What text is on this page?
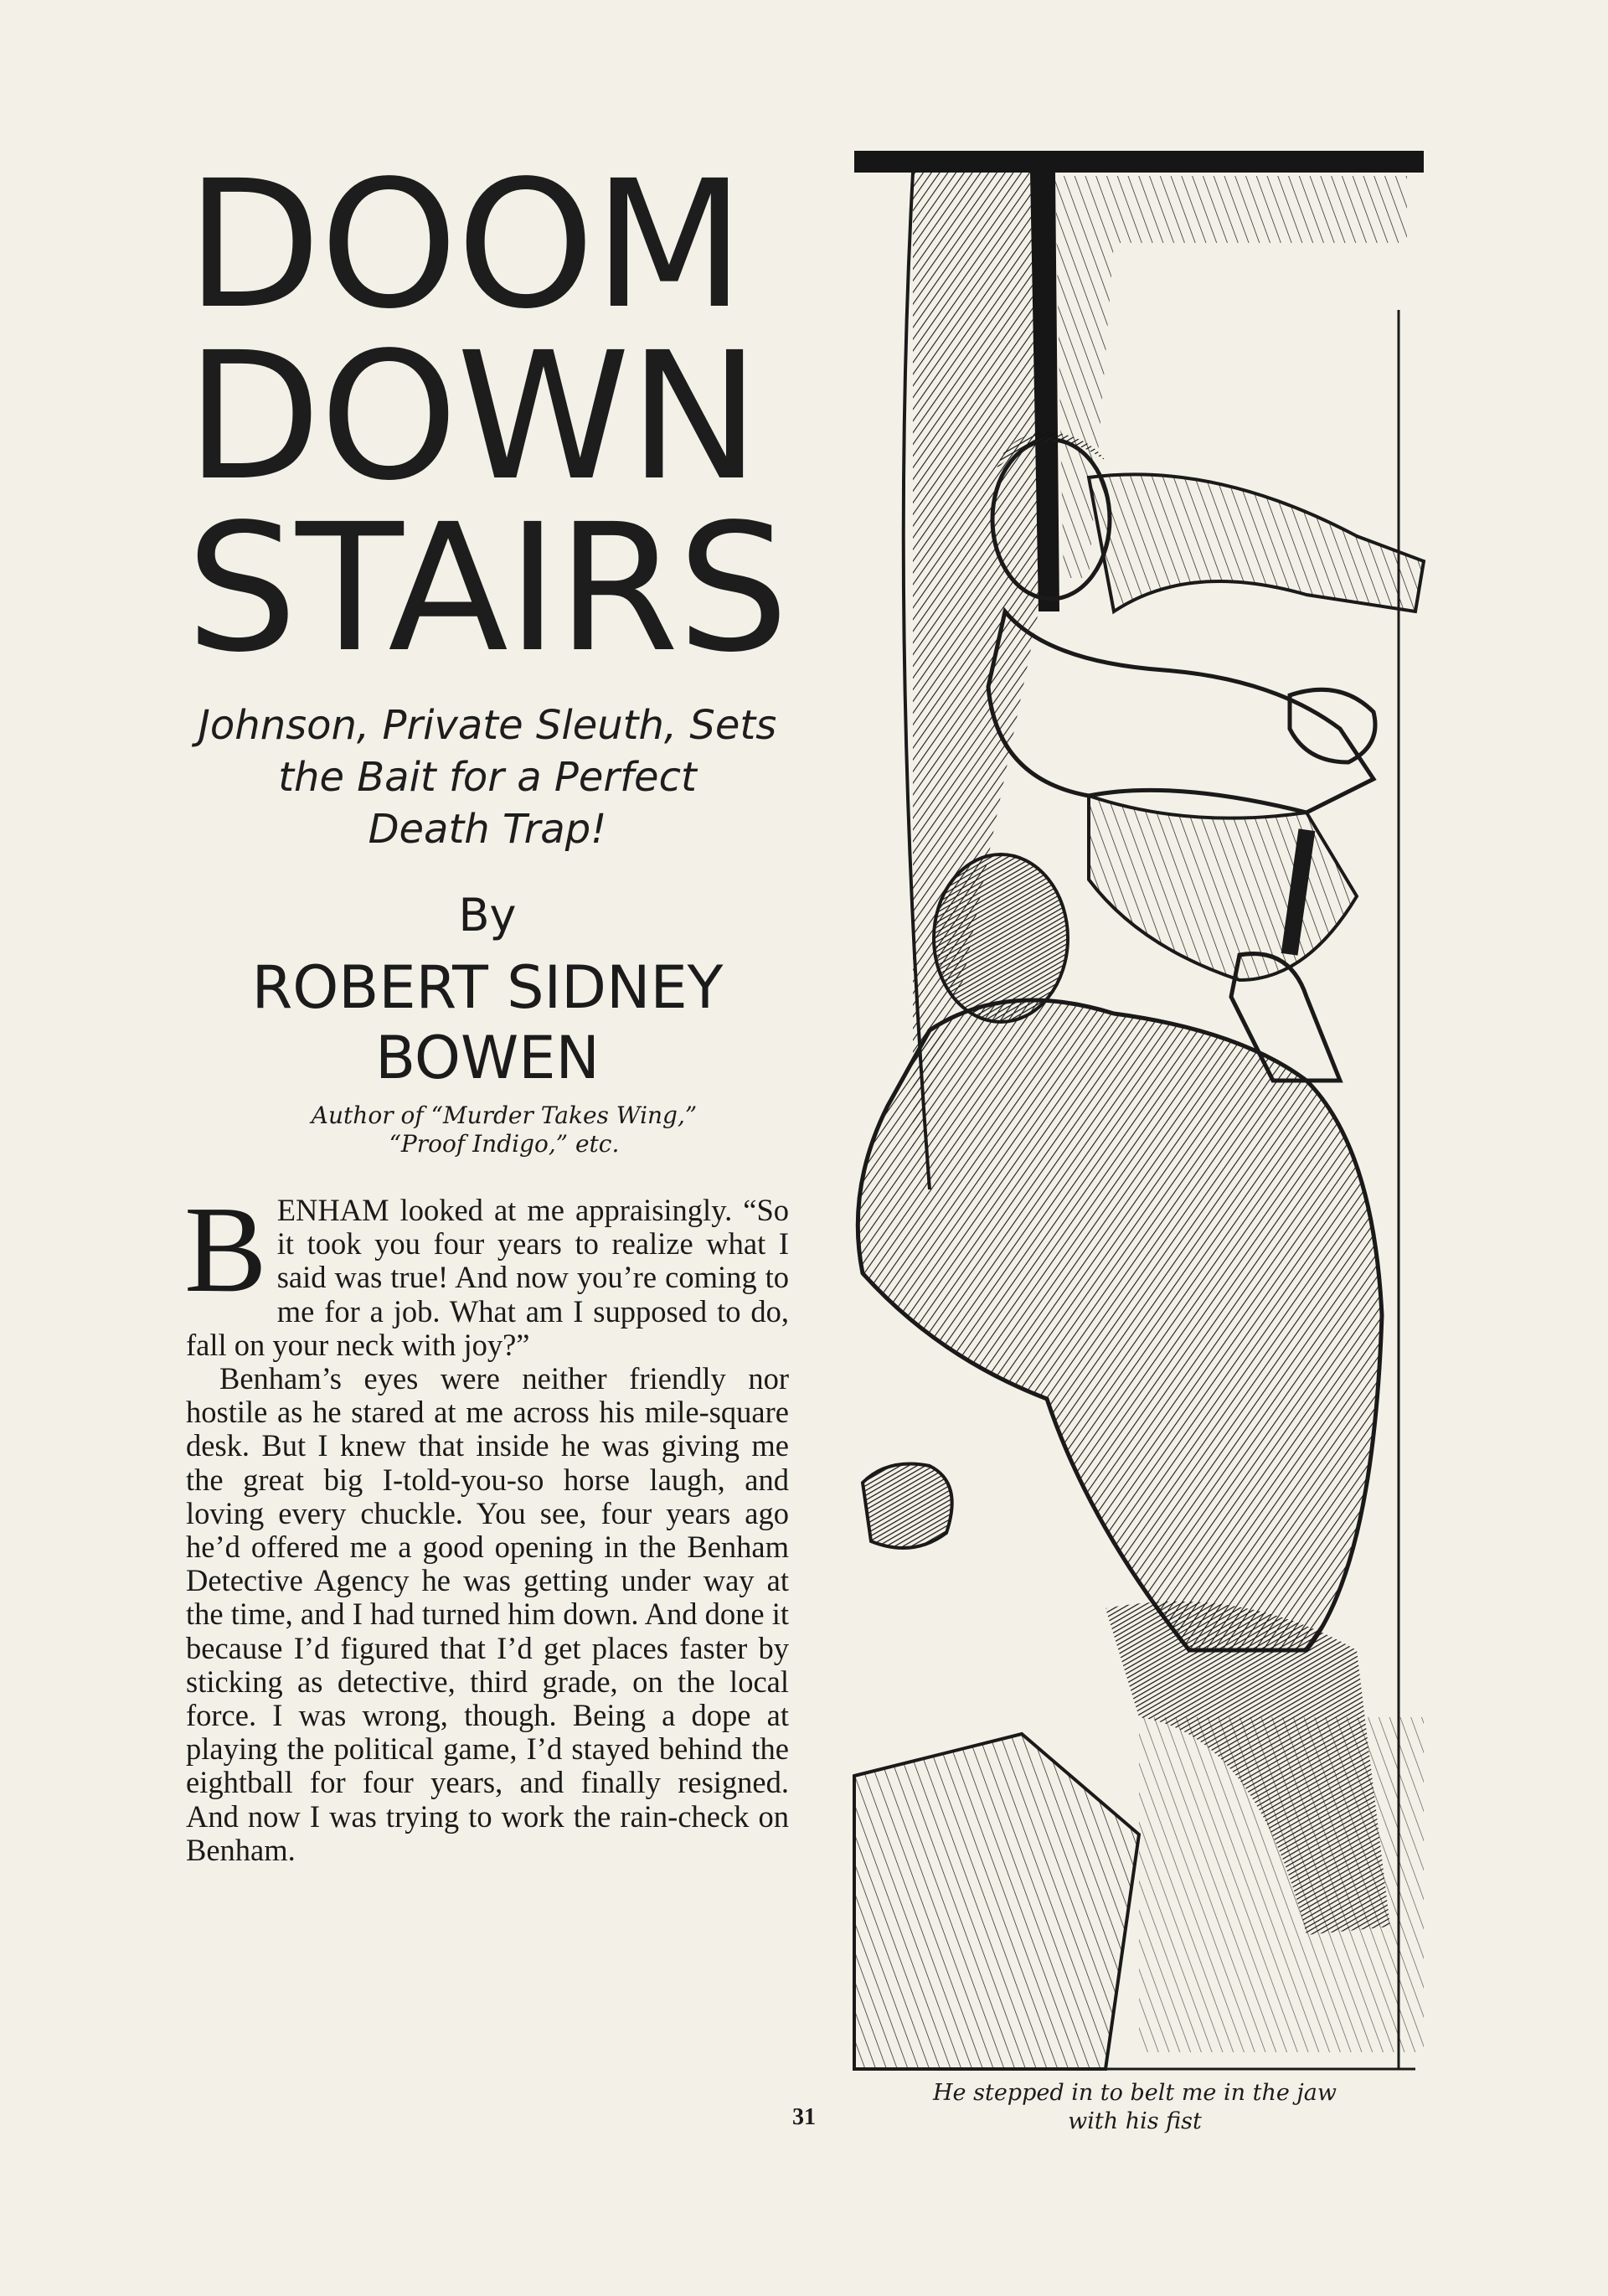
DOOM
DOWN
STAIRS
Johnson, Private Sleuth, Sets
the Bait for a Perfect
Death Trap!
By
ROBERT SIDNEY
BOWEN
Author of “Murder Takes Wing,”
“Proof Indigo,” etc.

BENHAM looked at me appraisingly. “So it took you four years to realize what I said was true! And now you’re coming to me for a job. What am I supposed to do, fall on your neck with joy?”

Benham’s eyes were neither friendly nor hostile as he stared at me across his mile-square desk. But I knew that inside he was giving me the great big I-told-you-so horse laugh, and loving every chuckle. You see, four years ago he’d offered me a good opening in the Benham Detective Agency he was getting under way at the time, and I had turned him down. And done it because I’d figured that I’d get places faster by sticking as detective, third grade, on the local force. I was wrong, though. Being a dope at playing the political game, I’d stayed behind the eightball for four years, and finally resigned. And now I was trying to work the rain-check on Benham.

He stepped in to belt me in the jaw
with his fist
31
